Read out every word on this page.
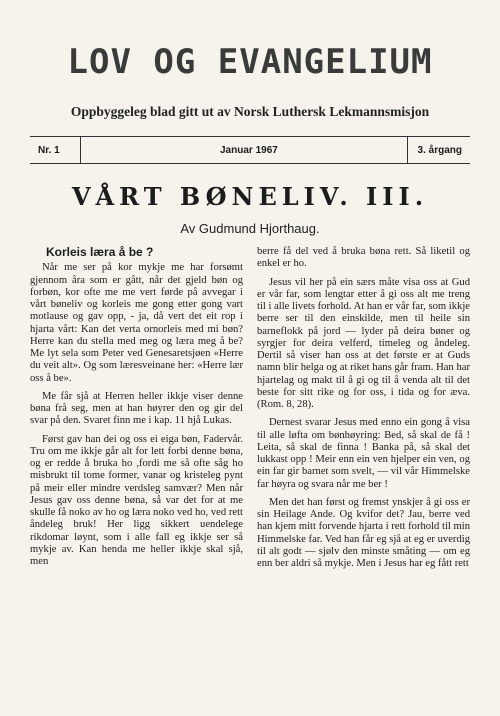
LOV OG EVANGELIUM
Oppbyggeleg blad gitt ut av Norsk Luthersk Lekmannsmisjon
Nr. 1	Januar 1967	3. årgang
VÅRT BØNELIV. III.
Av Gudmund Hjorthaug.
Korleis læra å be ?

Når me ser på kor mykje me har forsømt gjennom åra som er gått, når det gjeld bøn og forbøn, kor ofte me me vert førde på avvegar i vårt bøneliv og korleis me gong etter gong vart motlause og gav opp, - ja, då vert det eit rop i hjarta vårt: Kan det verta ornorleis med mi bøn? Herre kan du stella med meg og læra meg å be? Me lyt sela som Peter ved Genesaretsjøen «Herre du veit alt». Og som læresveinane her: «Herre lær oss å be».

Me får sjå at Herren heller ikkje viser denne bøna frå seg, men at han høyrer den og gir del svar på den. Svaret finn me i kap. 11 hjå Lukas.

Først gav han dei og oss ei eiga bøn, Fadervår. Tru om me ikkje går alt for lett forbi denne bøna, og er redde å bruka ho ,fordi me så ofte såg ho misbrukt til tome former, vanar og kristeleg pynt på meir eller mindre verdsleg samvær? Men når Jesus gav oss denne bøna, så var det for at me skulle få noko av ho og læra noko ved ho, ved rett åndeleg bruk! Her ligg sikkert uendelege rikdomar løynt, som i alle fall eg ikkje ser så mykje av. Kan henda me heller ikkje skal sjå, men

berre få del ved å bruka bøna rett. Så liketil og enkel er ho.

Jesus vil her på ein særs måte visa oss at Gud er vår far, som lengtar etter å gi oss alt me treng til i alle livets forhold. At han er vår far, som ikkje berre ser til den einskilde, men til heile sin barneflokk på jord — lyder på deira bøner og syrgjer for deira velferd, timeleg og åndeleg. Dertil så viser han oss at det første er at Guds namn blir helga og at riket hans går fram. Han har hjartelag og makt til å gi og til å venda alt til det beste for sitt rike og for oss, i tida og for æva. (Rom. 8, 28).

Dernest svarar Jesus med enno ein gong å visa til alle løfta om bønhøyring: Bed, så skal de få ! Leita, så skal de finna ! Banka på, så skal det lukkast opp ! Meir enn ein ven hjelper ein ven, og ein far gir barnet som svelt, — vil vår Himmelske far høyra og svara når me ber !

Men det han først og fremst ynskjer å gi oss er sin Heilage Ande. Og kvifor det? Jau, berre ved han kjem mitt forvende hjarta i rett forhold til min Himmelske far. Ved han får eg sjå at eg er uverdig til alt godt — sjølv den minste småting — om eg enn ber aldri så mykje. Men i Jesus har eg fått rett
